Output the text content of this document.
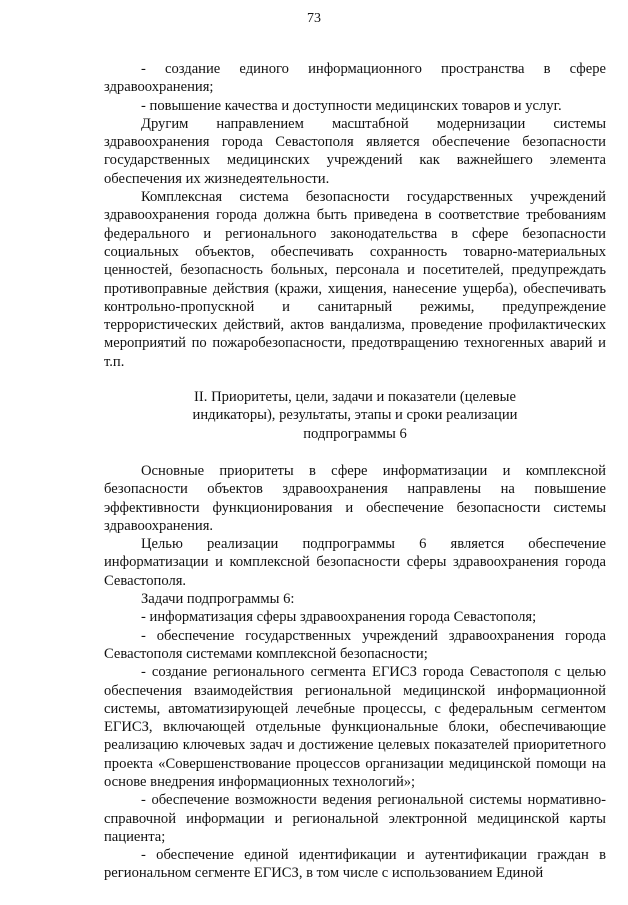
73

- создание единого информационного пространства в сфере здравоохранения;

- повышение качества и доступности медицинских товаров и услуг.

Другим направлением масштабной модернизации системы здравоохранения города Севастополя является обеспечение безопасности государственных медицинских учреждений как важнейшего элемента обеспечения их жизнедеятельности.

Комплексная система безопасности государственных учреждений здравоохранения города должна быть приведена в соответствие требованиям федерального и регионального законодательства в сфере безопасности социальных объектов, обеспечивать сохранность товарно-материальных ценностей, безопасность больных, персонала и посетителей, предупреждать противоправные действия (кражи, хищения, нанесение ущерба), обеспечивать контрольно-пропускной и санитарный режимы, предупреждение террористических действий, актов вандализма, проведение профилактических мероприятий по пожаробезопасности, предотвращению техногенных аварий и т.п.

II. Приоритеты, цели, задачи и показатели (целевые индикаторы), результаты, этапы и сроки реализации подпрограммы 6

Основные приоритеты в сфере информатизации и комплексной безопасности объектов здравоохранения направлены на повышение эффективности функционирования и обеспечение безопасности системы здравоохранения.

Целью реализации подпрограммы 6 является обеспечение информатизации и комплексной безопасности сферы здравоохранения города Севастополя.

Задачи подпрограммы 6:

- информатизация сферы здравоохранения города Севастополя;

- обеспечение государственных учреждений здравоохранения города Севастополя системами комплексной безопасности;

- создание регионального сегмента ЕГИСЗ города Севастополя с целью обеспечения взаимодействия региональной медицинской информационной системы, автоматизирующей лечебные процессы, с федеральным сегментом ЕГИСЗ, включающей отдельные функциональные блоки, обеспечивающие реализацию ключевых задач и достижение целевых показателей приоритетного проекта «Совершенствование процессов организации медицинской помощи на основе внедрения информационных технологий»;

- обеспечение возможности ведения региональной системы нормативно-справочной информации и региональной электронной медицинской карты пациента;

- обеспечение единой идентификации и аутентификации граждан в региональном сегменте ЕГИСЗ, в том числе с использованием Единой
